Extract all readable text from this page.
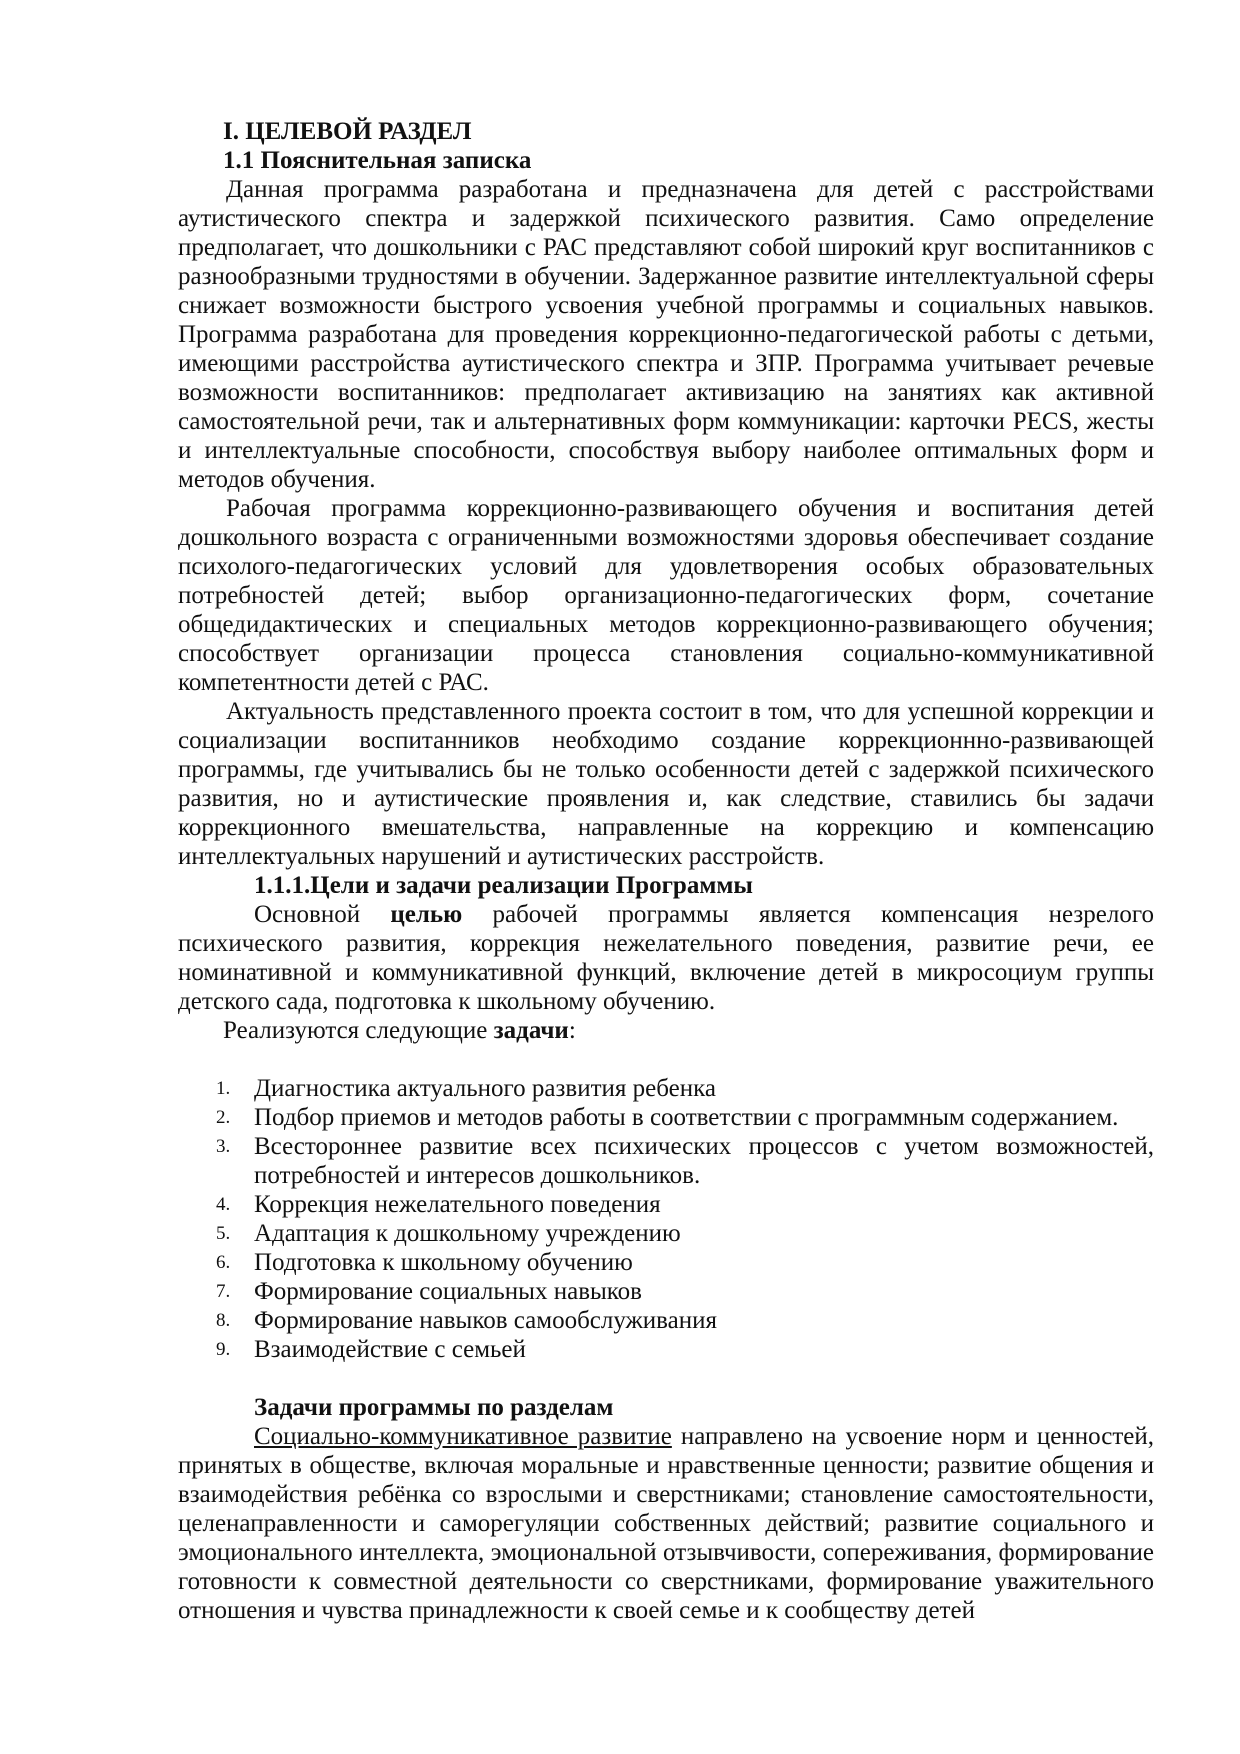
I. ЦЕЛЕВОЙ РАЗДЕЛ
1.1 Пояснительная записка

Данная программа разработана и предназначена для детей с расстройствами аутистического спектра и задержкой психического развития. Само определение предполагает, что дошкольники с РАС представляют собой широкий круг воспитанников с разнообразными трудностями в обучении. Задержанное развитие интеллектуальной сферы снижает возможности быстрого усвоения учебной программы и социальных навыков. Программа разработана для проведения коррекционно-педагогической работы с детьми, имеющими расстройства аутистического спектра и ЗПР. Программа учитывает речевые возможности воспитанников: предполагает активизацию на занятиях как активной самостоятельной речи, так и альтернативных форм коммуникации: карточки PECS, жесты и интеллектуальные способности, способствуя выбору наиболее оптимальных форм и методов обучения.

Рабочая программа коррекционно-развивающего обучения и воспитания детей дошкольного возраста с ограниченными возможностями здоровья обеспечивает создание психолого-педагогических условий для удовлетворения особых образовательных потребностей детей; выбор организационно-педагогических форм, сочетание общедидактических и специальных методов коррекционно-развивающего обучения; способствует организации процесса становления социально-коммуникативной компетентности детей с РАС.

Актуальность представленного проекта состоит в том, что для успешной коррекции и социализации воспитанников необходимо создание коррекционнно-развивающей программы, где учитывались бы не только особенности детей с задержкой психического развития, но и аутистические проявления и, как следствие, ставились бы задачи коррекционного вмешательства, направленные на коррекцию и компенсацию интеллектуальных нарушений и аутистических расстройств.

1.1.1.Цели и задачи реализации Программы

Основной целью рабочей программы является компенсация незрелого психического развития, коррекция нежелательного поведения, развитие речи, ее номинативной и коммуникативной функций, включение детей в микросоциум группы детского сада, подготовка к школьному обучению.

Реализуются следующие задачи:
1. Диагностика актуального развития ребенка
2. Подбор приемов и методов работы в соответствии с программным содержанием.
3. Всестороннее развитие всех психических процессов с учетом возможностей, потребностей и интересов дошкольников.
4. Коррекция нежелательного поведения
5. Адаптация к дошкольному учреждению
6. Подготовка к школьному обучению
7. Формирование социальных навыков
8. Формирование навыков самообслуживания
9. Взаимодействие с семьей
Задачи программы по разделам

Социально-коммуникативное развитие направлено на усвоение норм и ценностей, принятых в обществе, включая моральные и нравственные ценности; развитие общения и взаимодействия ребёнка со взрослыми и сверстниками; становление самостоятельности, целенаправленности и саморегуляции собственных действий; развитие социального и эмоционального интеллекта, эмоциональной отзывчивости, сопереживания, формирование готовности к совместной деятельности со сверстниками, формирование уважительного отношения и чувства принадлежности к своей семье и к сообществу детей
